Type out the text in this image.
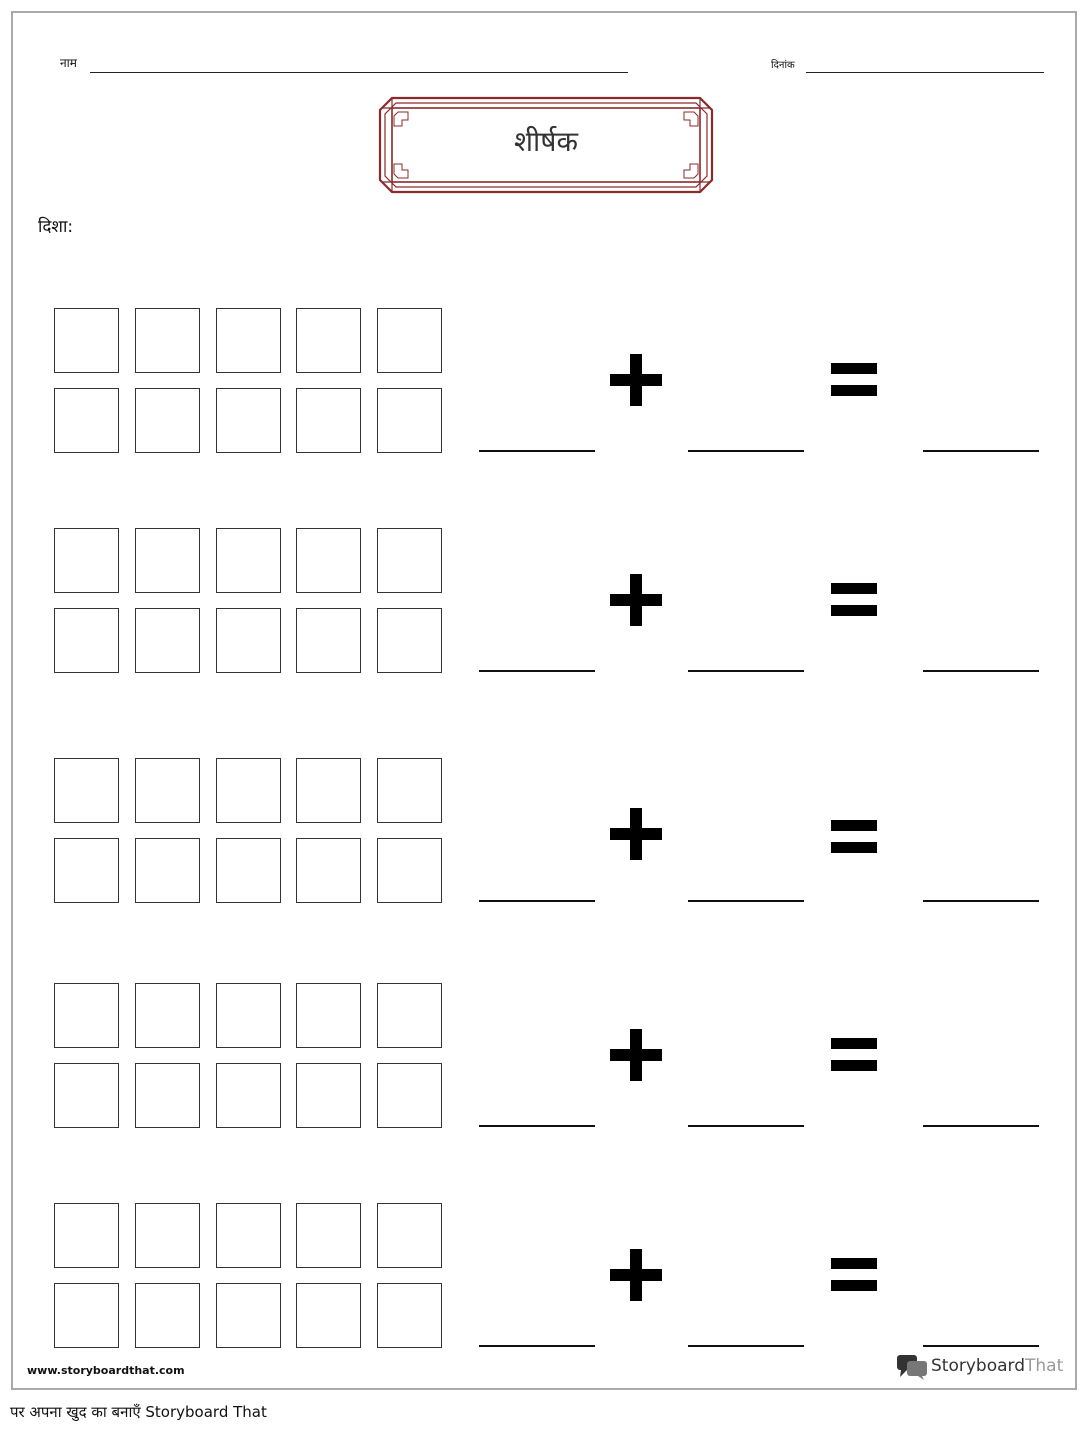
नाम	दिनांक
शीर्षक
दिशा:
www.storyboardthat.com	StoryboardThat
पर अपना खुद का बनाएँ Storyboard That
